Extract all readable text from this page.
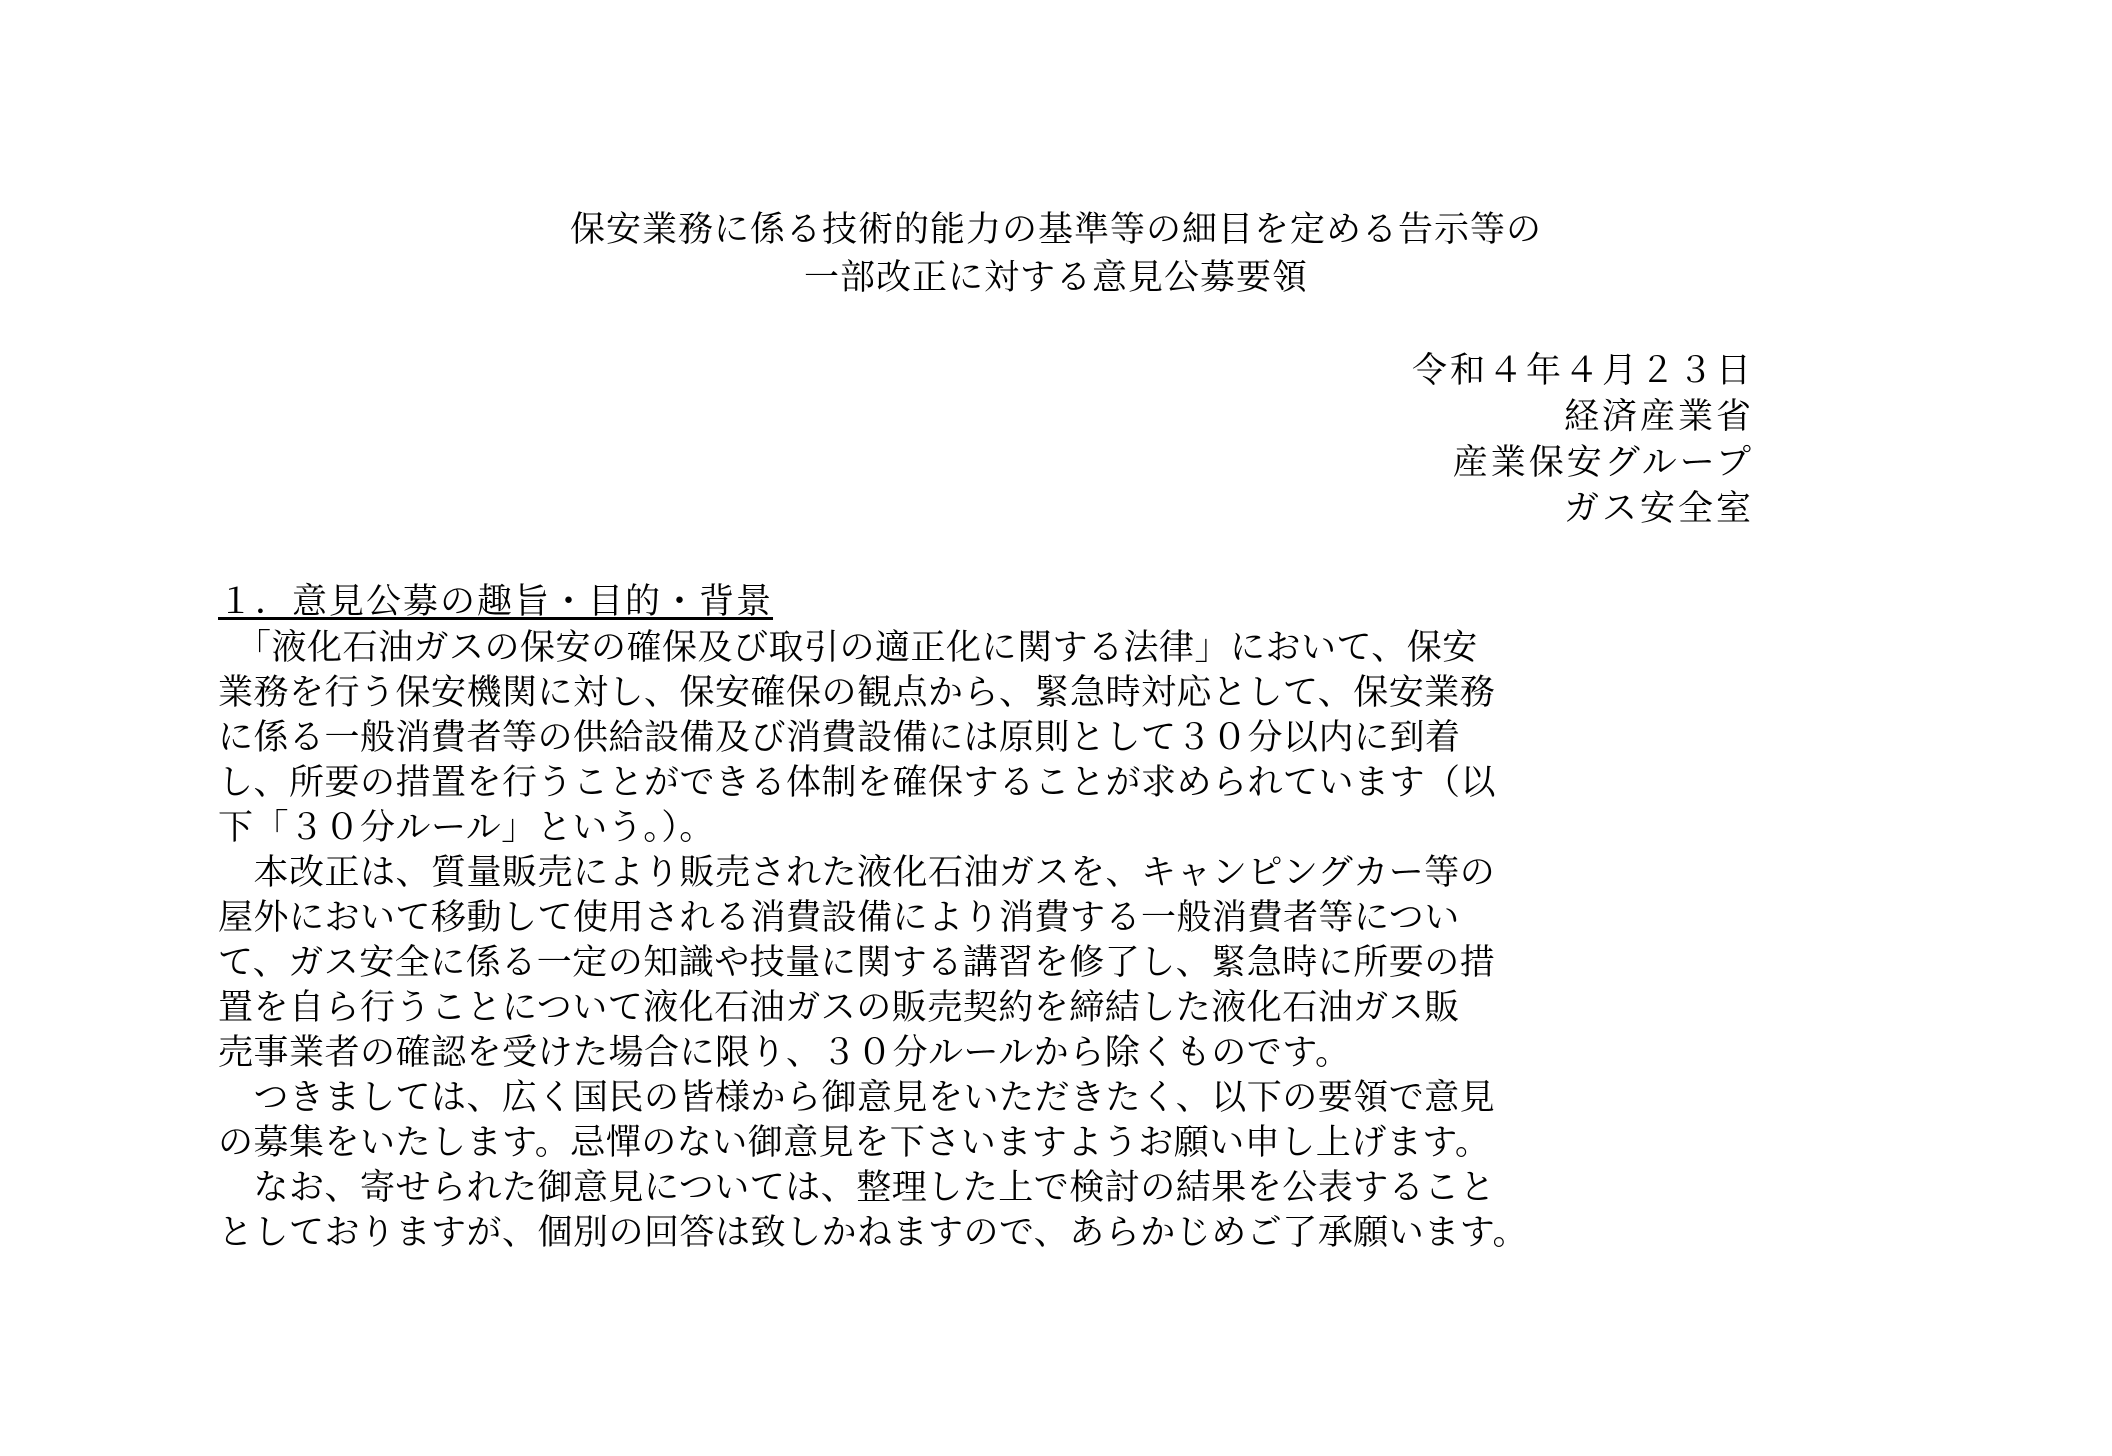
保安業務に係る技術的能力の基準等の細目を定める告示等の
一部改正に対する意見公募要領
令和４年４月２３日
経済産業省
産業保安グループ
ガス安全室
１．意見公募の趣旨・目的・背景
　「液化石油ガスの保安の確保及び取引の適正化に関する法律」において、保安
業務を行う保安機関に対し、保安確保の観点から、緊急時対応として、保安業務
に係る一般消費者等の供給設備及び消費設備には原則として３０分以内に到着
し、所要の措置を行うことができる体制を確保することが求められています（以
下「３０分ルール」という。）。
　本改正は、質量販売により販売された液化石油ガスを、キャンピングカー等の
屋外において移動して使用される消費設備により消費する一般消費者等につい
て、ガス安全に係る一定の知識や技量に関する講習を修了し、緊急時に所要の措
置を自ら行うことについて液化石油ガスの販売契約を締結した液化石油ガス販
売事業者の確認を受けた場合に限り、３０分ルールから除くものです。
　つきましては、広く国民の皆様から御意見をいただきたく、以下の要領で意見
の募集をいたします。忌憚のない御意見を下さいますようお願い申し上げます。
　なお、寄せられた御意見については、整理した上で検討の結果を公表すること
としておりますが、個別の回答は致しかねますので、あらかじめご了承願います。
